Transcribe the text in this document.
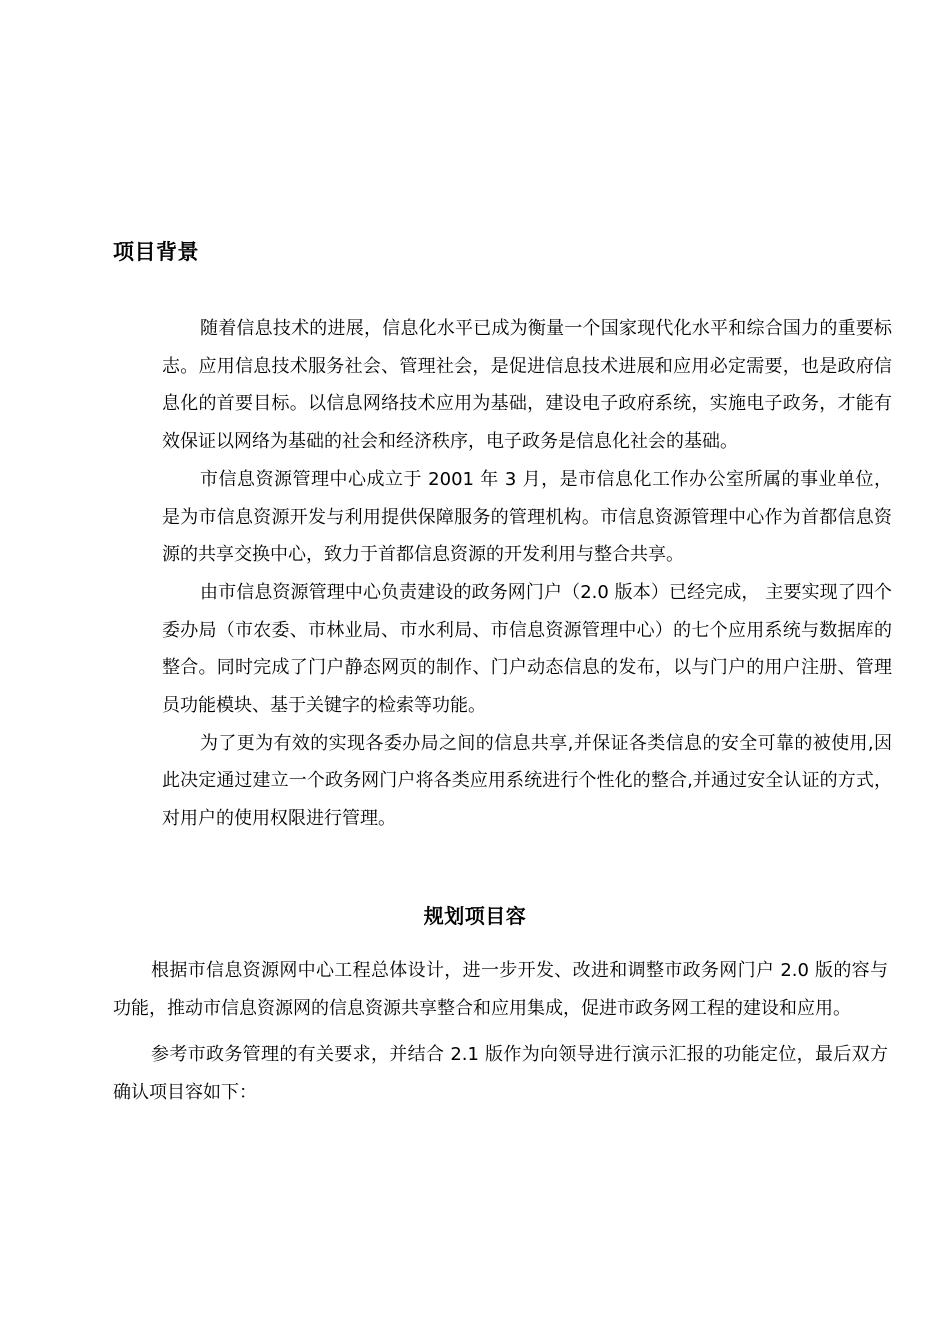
项目背景

随着信息技术的进展，信息化水平已成为衡量一个国家现代化水平和综合国力的重要标志。应用信息技术服务社会、管理社会，是促进信息技术进展和应用必定需要，也是政府信息化的首要目标。以信息网络技术应用为基础，建设电子政府系统，实施电子政务，才能有效保证以网络为基础的社会和经济秩序，电子政务是信息化社会的基础。

市信息资源管理中心成立于 2001 年 3 月，是市信息化工作办公室所属的事业单位，是为市信息资源开发与利用提供保障服务的管理机构。市信息资源管理中心作为首都信息资源的共享交换中心，致力于首都信息资源的开发利用与整合共享。

由市信息资源管理中心负责建设的政务网门户（2.0 版本）已经完成， 主要实现了四个委办局（市农委、市林业局、市水利局、市信息资源管理中心）的七个应用系统与数据库的整合。同时完成了门户静态网页的制作、门户动态信息的发布，以与门户的用户注册、管理员功能模块、基于关键字的检索等功能。

为了更为有效的实现各委办局之间的信息共享,并保证各类信息的安全可靠的被使用,因此决定通过建立一个政务网门户将各类应用系统进行个性化的整合,并通过安全认证的方式，对用户的使用权限进行管理。

规划项目容

根据市信息资源网中心工程总体设计，进一步开发、改进和调整市政务网门户 2.0 版的容与功能，推动市信息资源网的信息资源共享整合和应用集成，促进市政务网工程的建设和应用。

参考市政务管理的有关要求，并结合 2.1 版作为向领导进行演示汇报的功能定位，最后双方确认项目容如下：
